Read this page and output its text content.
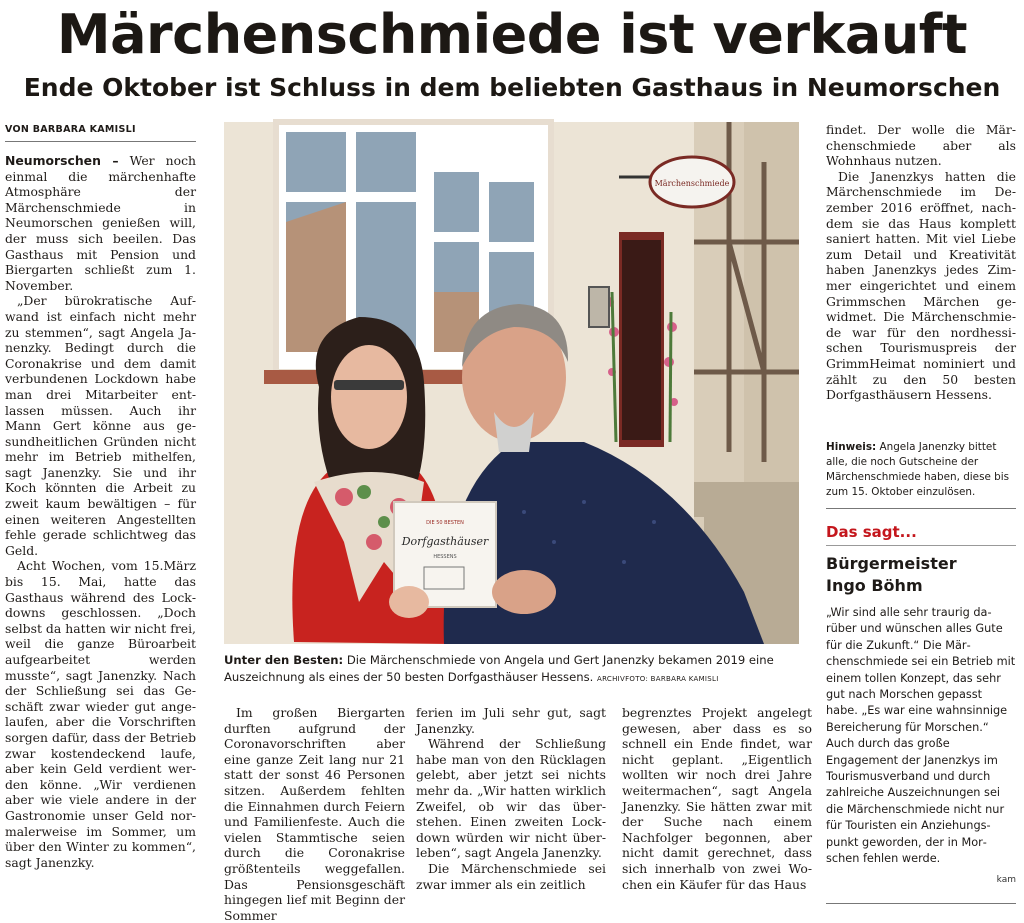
Märchenschmiede ist verkauft
Ende Oktober ist Schluss in dem beliebten Gasthaus in Neumorschen
VON BARBARA KAMISLI

Neumorschen – Wer noch einmal die märchenhafte Atmosphäre der Märchenschmiede in Neumorschen genießen will, der muss sich beeilen. Das Gasthaus mit Pension und Biergarten schließt zum 1. November.

„Der bürokratische Aufwand ist einfach nicht mehr zu stemmen“, sagt Angela Janenzky. Bedingt durch die Coronakrise und dem damit verbundenen Lockdown habe man drei Mitarbeiter entlassen müssen. Auch ihr Mann Gert könne aus gesundheitlichen Gründen nicht mehr im Betrieb mithelfen, sagt Janenzky. Sie und ihr Koch könnten die Arbeit zu zweit kaum bewältigen – für einen weiteren Angestellten fehle gerade schlichtweg das Geld.

Acht Wochen, vom 15.März bis 15. Mai, hatte das Gasthaus während des Lockdowns geschlossen. „Doch selbst da hatten wir nicht frei, weil die ganze Büroarbeit aufgearbeitet werden musste“, sagt Janenzky. Nach der Schließung sei das Geschäft zwar wieder gut angelaufen, aber die Vorschriften sorgen dafür, dass der Betrieb zwar kostendeckend laufe, aber kein Geld verdient werden könne. „Wir verdienen aber wie viele andere in der Gastronomie unser Geld normalerweise im Sommer, um über den Winter zu kommen“, sagt Janenzky.

Märchenschmiede
DIE 50 BESTEN
Dorfgasthäuser
HESSENS
Unter den Besten: Die Märchenschmiede von Angela und Gert Janenzky bekamen 2019 eine Auszeichnung als eines der 50 besten Dorfgasthäuser Hessens. ARCHIVFOTO: BARBARA KAMISLI

Im großen Biergarten durften aufgrund der Coronavorschriften aber eine ganze Zeit lang nur 21 statt der sonst 46 Personen sitzen. Außerdem fehlten die Einnahmen durch Feiern und Familienfeste. Auch die vielen Stammtische seien durch die Coronakrise größtenteils weggefallen. Das Pensionsgeschäft hingegen lief mit Beginn der Sommer

ferien im Juli sehr gut, sagt Janenzky.

Während der Schließung habe man von den Rücklagen gelebt, aber jetzt sei nichts mehr da. „Wir hatten wirklich Zweifel, ob wir das überstehen. Einen zweiten Lockdown würden wir nicht überleben“, sagt Angela Janenzky.

Die Märchenschmiede sei zwar immer als ein zeitlich

begrenztes Projekt angelegt gewesen, aber dass es so schnell ein Ende findet, war nicht geplant. „Eigentlich wollten wir noch drei Jahre weitermachen“, sagt Angela Janenzky. Sie hätten zwar mit der Suche nach einem Nachfolger begonnen, aber nicht damit gerechnet, dass sich innerhalb von zwei Wochen ein Käufer für das Haus

findet. Der wolle die Märchenschmiede aber als Wohnhaus nutzen.

Die Janenzkys hatten die Märchenschmiede im Dezember 2016 eröffnet, nachdem sie das Haus komplett saniert hatten. Mit viel Liebe zum Detail und Kreativität haben Janenzkys jedes Zimmer eingerichtet und einem Grimmschen Märchen gewidmet. Die Märchenschmiede war für den nordhessischen Tourismuspreis der GrimmHeimat nominiert und zählt zu den 50 besten Dorfgasthäusern Hessens.

Hinweis: Angela Janenzky bittet alle, die noch Gutscheine der Märchenschmiede haben, diese bis zum 15. Oktober einzulösen.
Das sagt...
Bürgermeister
Ingo Böhm
„Wir sind alle sehr traurig darüber und wünschen alles Gute für die Zukunft.“ Die Märchenschmiede sei ein Betrieb mit einem tollen Konzept, das sehr gut nach Morschen gepasst habe. „Es war eine wahnsinnige Bereicherung für Morschen.“ Auch durch das große Engagement der Janenzkys im Tourismusverband und durch zahlreiche Auszeichnungen sei die Märchenschmiede nicht nur für Touristen ein Anziehungspunkt geworden, der in Morschen fehlen werde.
kam
